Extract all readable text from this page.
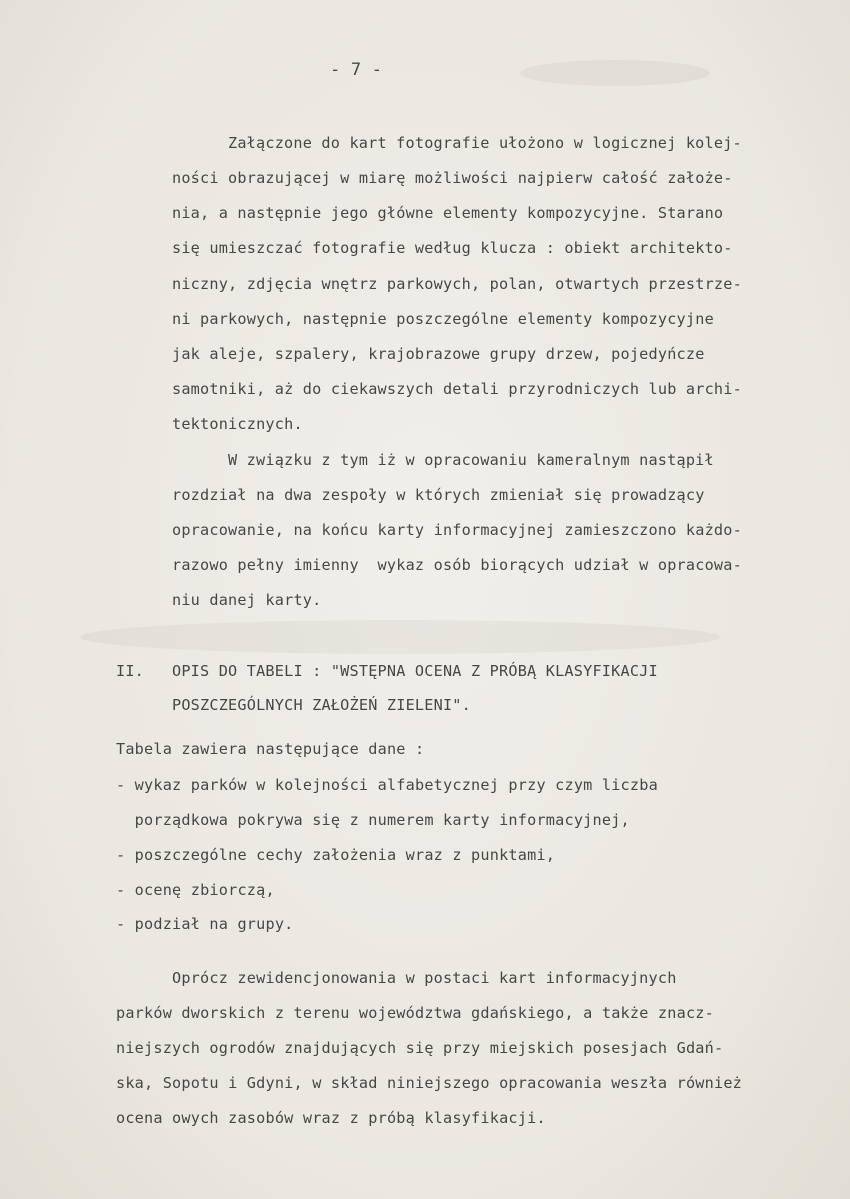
- 7 -
Załączone do kart fotografie ułożono w logicznej kolej-
ności obrazującej w miarę możliwości najpierw całość założe-
nia, a następnie jego główne elementy kompozycyjne. Starano
się umieszczać fotografie według klucza : obiekt architekto-
niczny, zdjęcia wnętrz parkowych, polan, otwartych przestrze-
ni parkowych, następnie poszczególne elementy kompozycyjne
jak aleje, szpalery, krajobrazowe grupy drzew, pojedyńcze
samotniki, aż do ciekawszych detali przyrodniczych lub archi-
tektonicznych.
W związku z tym iż w opracowaniu kameralnym nastąpił
rozdział na dwa zespoły w których zmieniał się prowadzący
opracowanie, na końcu karty informacyjnej zamieszczono każdo-
razowo pełny imienny  wykaz osób biorących udział w opracowa-
niu danej karty.
II. OPIS DO TABELI : "WSTĘPNA OCENA Z PRÓBĄ KLASYFIKACJI
POSZCZEGÓLNYCH ZAŁOŻEŃ ZIELENI".
Tabela zawiera następujące dane :
- wykaz parków w kolejności alfabetycznej przy czym liczba
porządkowa pokrywa się z numerem karty informacyjnej,
- poszczególne cechy założenia wraz z punktami,
- ocenę zbiorczą,
- podział na grupy.
Oprócz zewidencjonowania w postaci kart informacyjnych
parków dworskich z terenu województwa gdańskiego, a także znacz-
niejszych ogrodów znajdujących się przy miejskich posesjach Gdań-
ska, Sopotu i Gdyni, w skład niniejszego opracowania weszła również
ocena owych zasobów wraz z próbą klasyfikacji.
